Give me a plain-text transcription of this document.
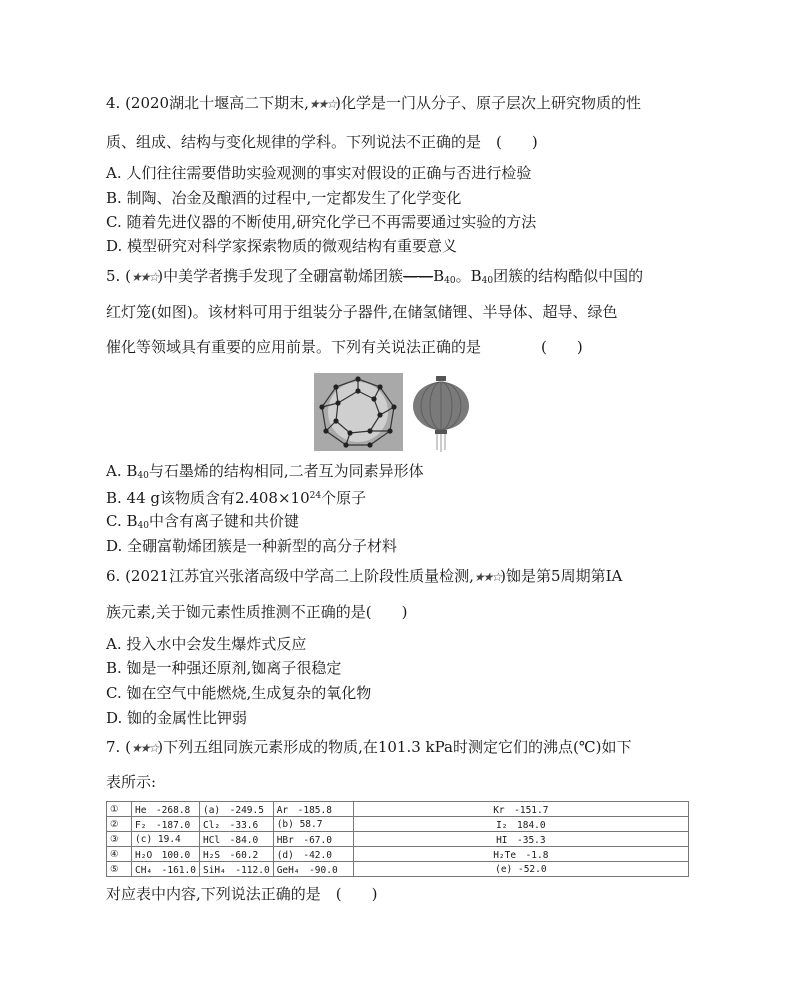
4. (2020湖北十堰高二下期末,★★☆)化学是一门从分子、原子层次上研究物质的性
质、组成、结构与变化规律的学科。下列说法不正确的是　(　　)
A. 人们往往需要借助实验观测的事实对假设的正确与否进行检验
B. 制陶、冶金及酿酒的过程中,一定都发生了化学变化
C. 随着先进仪器的不断使用,研究化学已不再需要通过实验的方法
D. 模型研究对科学家探索物质的微观结构有重要意义
5. (★★☆)中美学者携手发现了全硼富勒烯团簇$——B_{40}$。$B_{40}$团簇的结构酷似中国的
红灯笼(如图)。该材料可用于组装分子器件,在储氢储锂、半导体、超导、绿色
催化等领域具有重要的应用前景。下列有关说法正确的是　　　　(　　)
A. $B_{40}$与石墨烯的结构相同,二者互为同素异形体
B. 44 g该物质含有$2.408\times 10^{24}$个原子
C. $B_{40}$中含有离子键和共价键
D. 全硼富勒烯团簇是一种新型的高分子材料
6. (2021江苏宜兴张渚高级中学高二上阶段性质量检测,★★☆)铷是第5周期第ⅠA
族元素,关于铷元素性质推测不正确的是(　　)
A. 投入水中会发生爆炸式反应
B. 铷是一种强还原剂,铷离子很稳定
C. 铷在空气中能燃烧,生成复杂的氧化物
D. 铷的金属性比钾弱
7. (★★☆)下列五组同族元素形成的物质,在101.3 kPa时测定它们的沸点(℃)如下
表所示:
①	He　-268.8	(a)　-249.5	Ar　-185.8	Kr　-151.7
②	F₂　-187.0	Cl₂　-33.6	(b) 58.7	I₂　184.0
③	(c) 19.4	HCl　-84.0	HBr　-67.0	HI　-35.3
④	H₂O　100.0	H₂S　-60.2	(d)　-42.0	H₂Te　-1.8
⑤	CH₄　-161.0	SiH₄　-112.0	GeH₄　-90.0	(e) -52.0
对应表中内容,下列说法正确的是　(　　)
